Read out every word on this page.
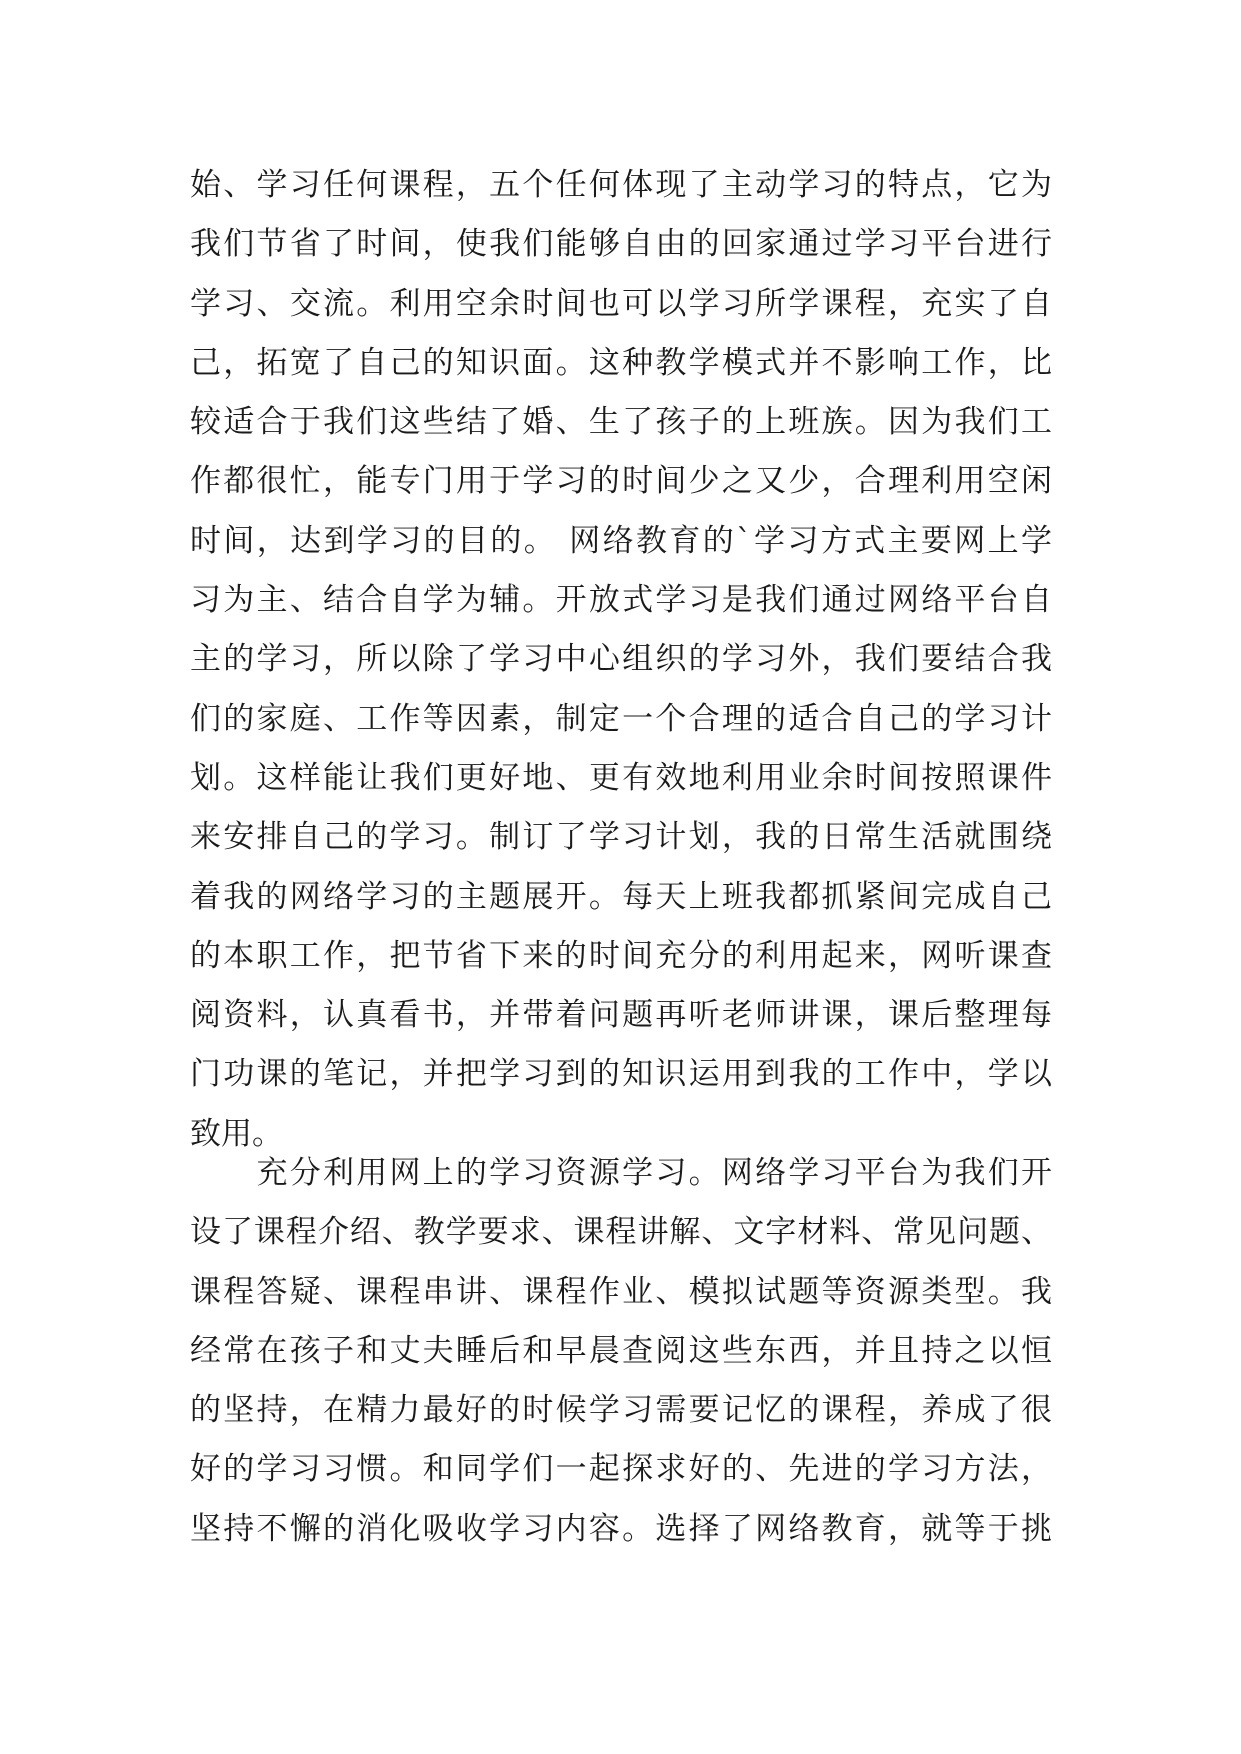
始、学习任何课程，五个任何体现了主动学习的特点，它为
我们节省了时间，使我们能够自由的回家通过学习平台进行
学习、交流。利用空余时间也可以学习所学课程，充实了自
己，拓宽了自己的知识面。这种教学模式并不影响工作，比
较适合于我们这些结了婚、生了孩子的上班族。因为我们工
作都很忙，能专门用于学习的时间少之又少，合理利用空闲
时间，达到学习的目的。 网络教育的`学习方式主要网上学
习为主、结合自学为辅。开放式学习是我们通过网络平台自
主的学习，所以除了学习中心组织的学习外，我们要结合我
们的家庭、工作等因素，制定一个合理的适合自己的学习计
划。这样能让我们更好地、更有效地利用业余时间按照课件
来安排自己的学习。制订了学习计划，我的日常生活就围绕
着我的网络学习的主题展开。每天上班我都抓紧间完成自己
的本职工作，把节省下来的时间充分的利用起来，网听课查
阅资料，认真看书，并带着问题再听老师讲课，课后整理每
门功课的笔记，并把学习到的知识运用到我的工作中，学以
致用。
　　充分利用网上的学习资源学习。网络学习平台为我们开
设了课程介绍、教学要求、课程讲解、文字材料、常见问题、
课程答疑、课程串讲、课程作业、模拟试题等资源类型。我
经常在孩子和丈夫睡后和早晨查阅这些东西，并且持之以恒
的坚持，在精力最好的时候学习需要记忆的课程，养成了很
好的学习习惯。和同学们一起探求好的、先进的学习方法，
坚持不懈的消化吸收学习内容。选择了网络教育，就等于挑
